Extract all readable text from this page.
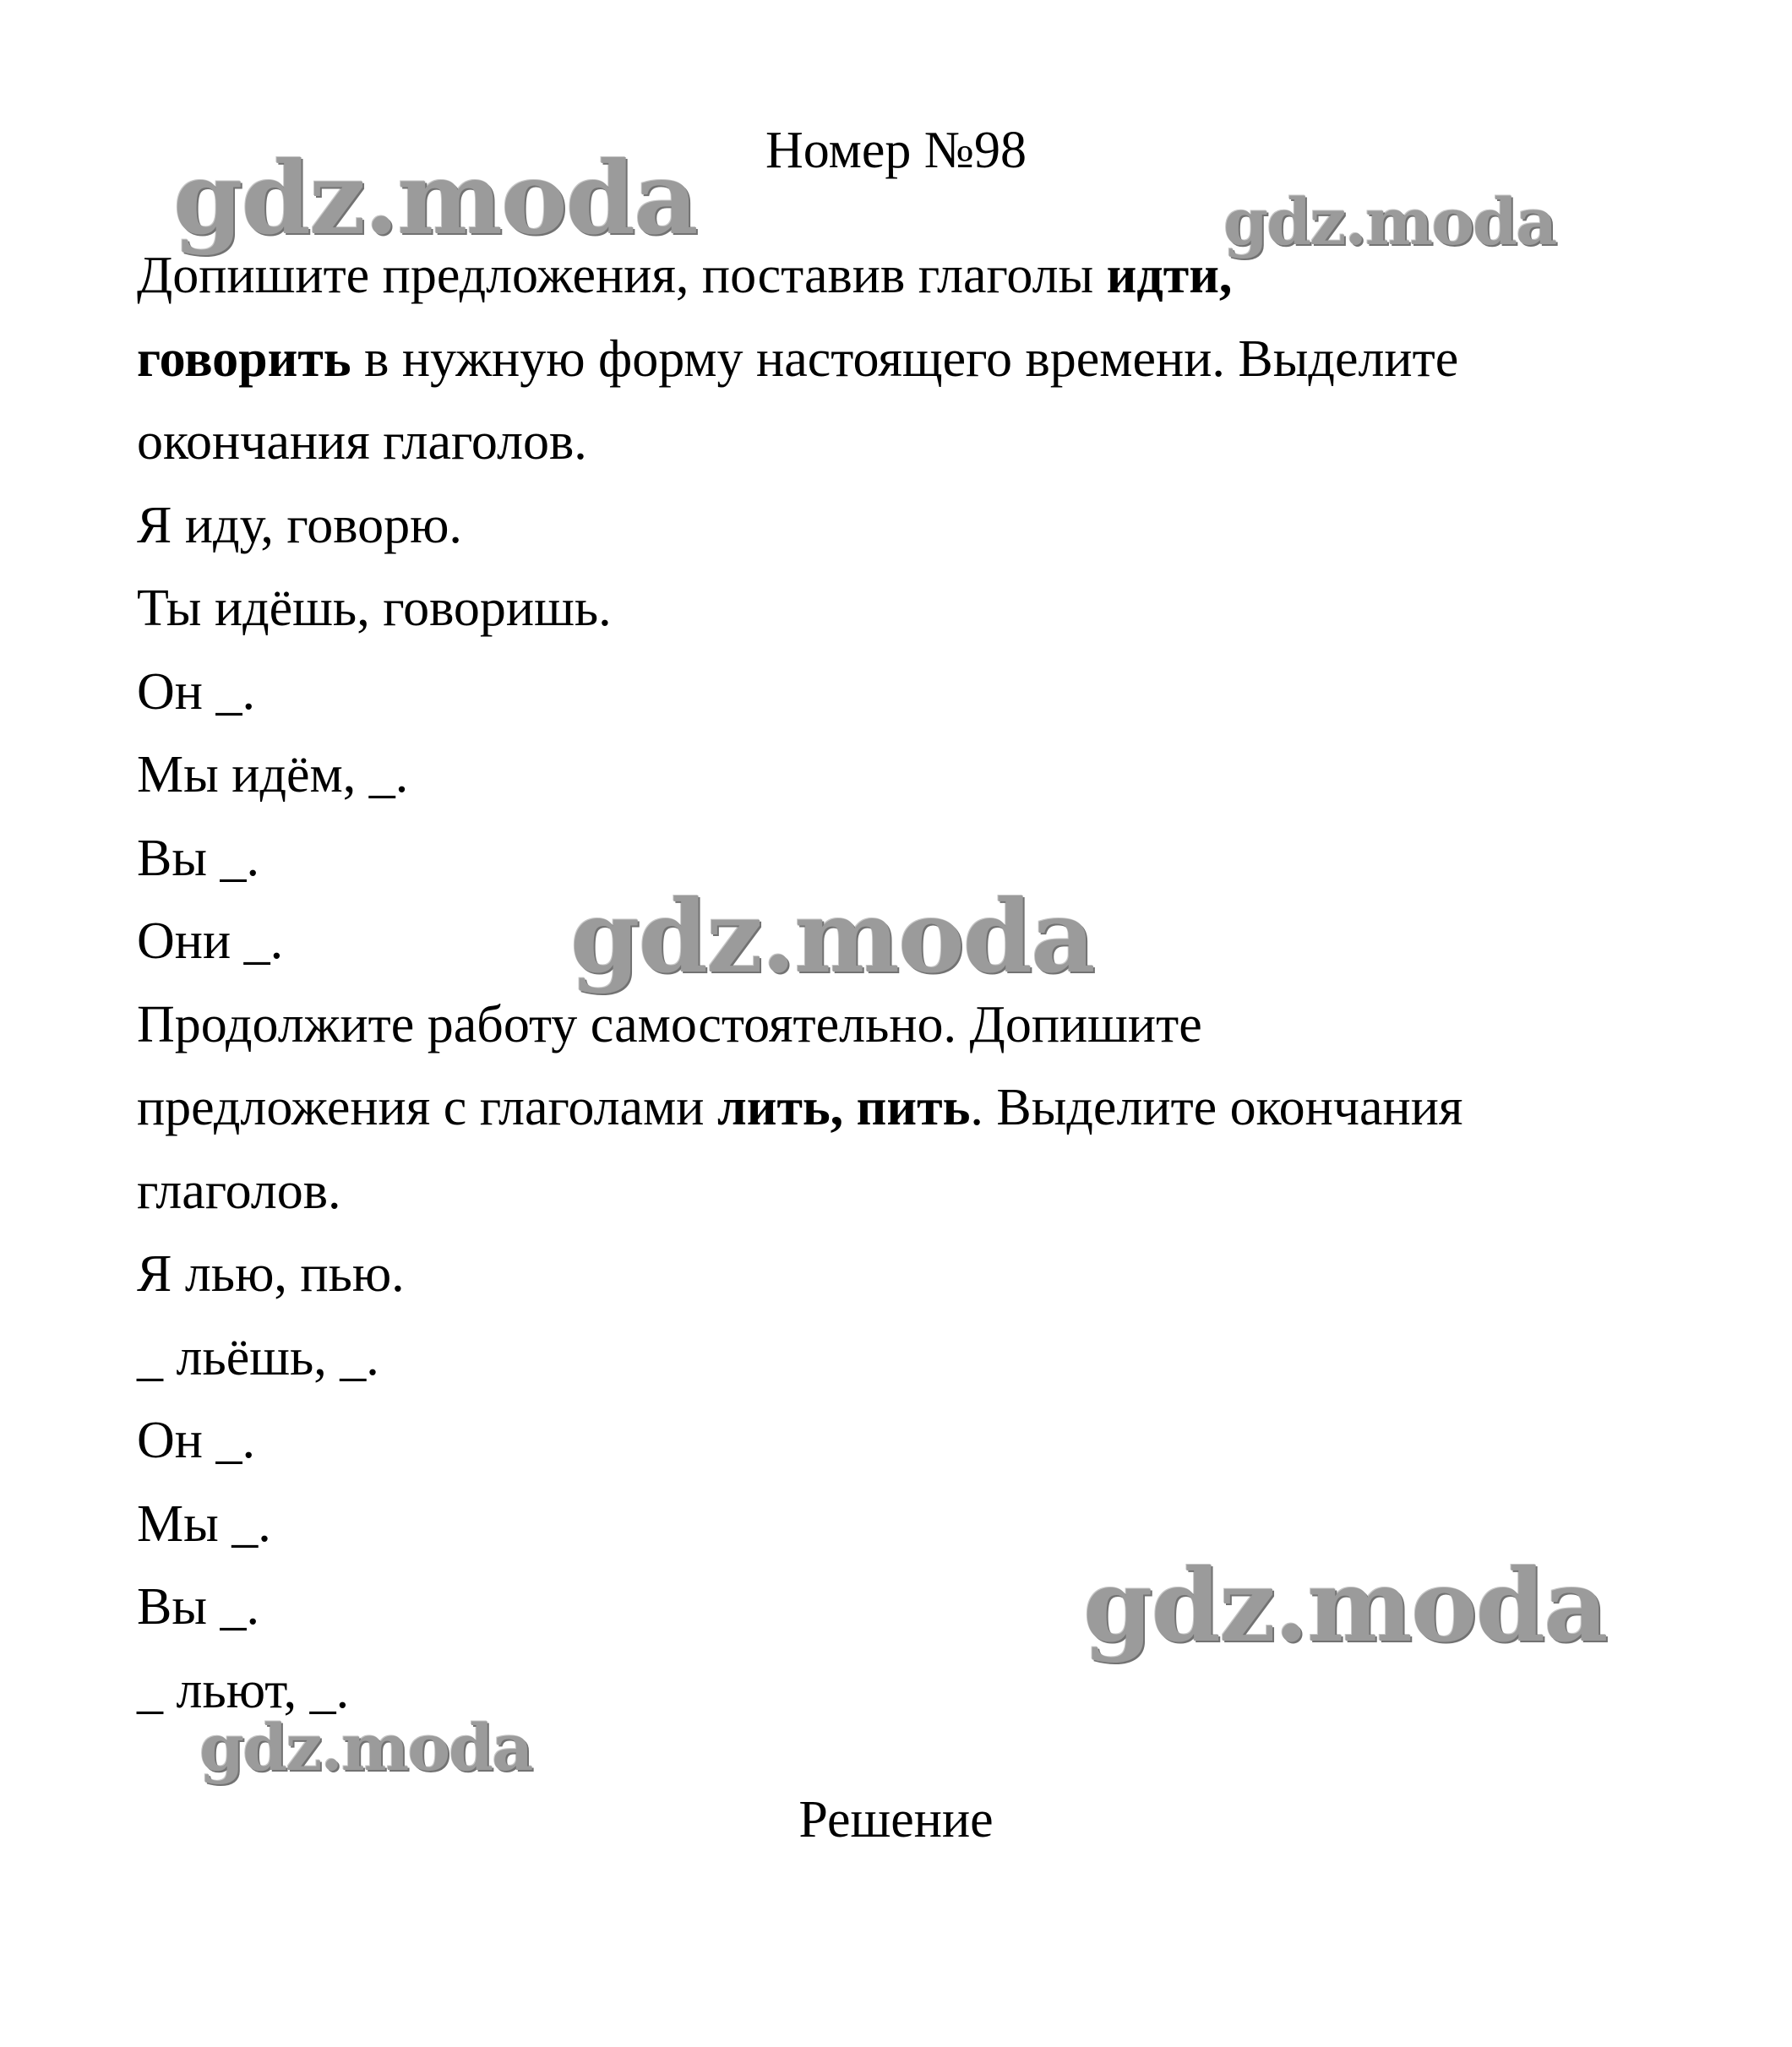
Номер №98
gdz.moda	gdz.moda
Допишите предложения, поставив глаголы идти,
говорить в нужную форму настоящего времени. Выделите
окончания глаголов.
Я иду, говорю.
Ты идёшь, говоришь.
Он _.
Мы идём, _.
Вы _.
Они _.	gdz.moda
Продолжите работу самостоятельно. Допишите
предложения с глаголами лить, пить. Выделите окончания
глаголов.
Я лью, пью.
_ льёшь, _.
Он _.
Мы _.
Вы _.
_ льют, _.
gdz.moda
gdz.moda
Решение
